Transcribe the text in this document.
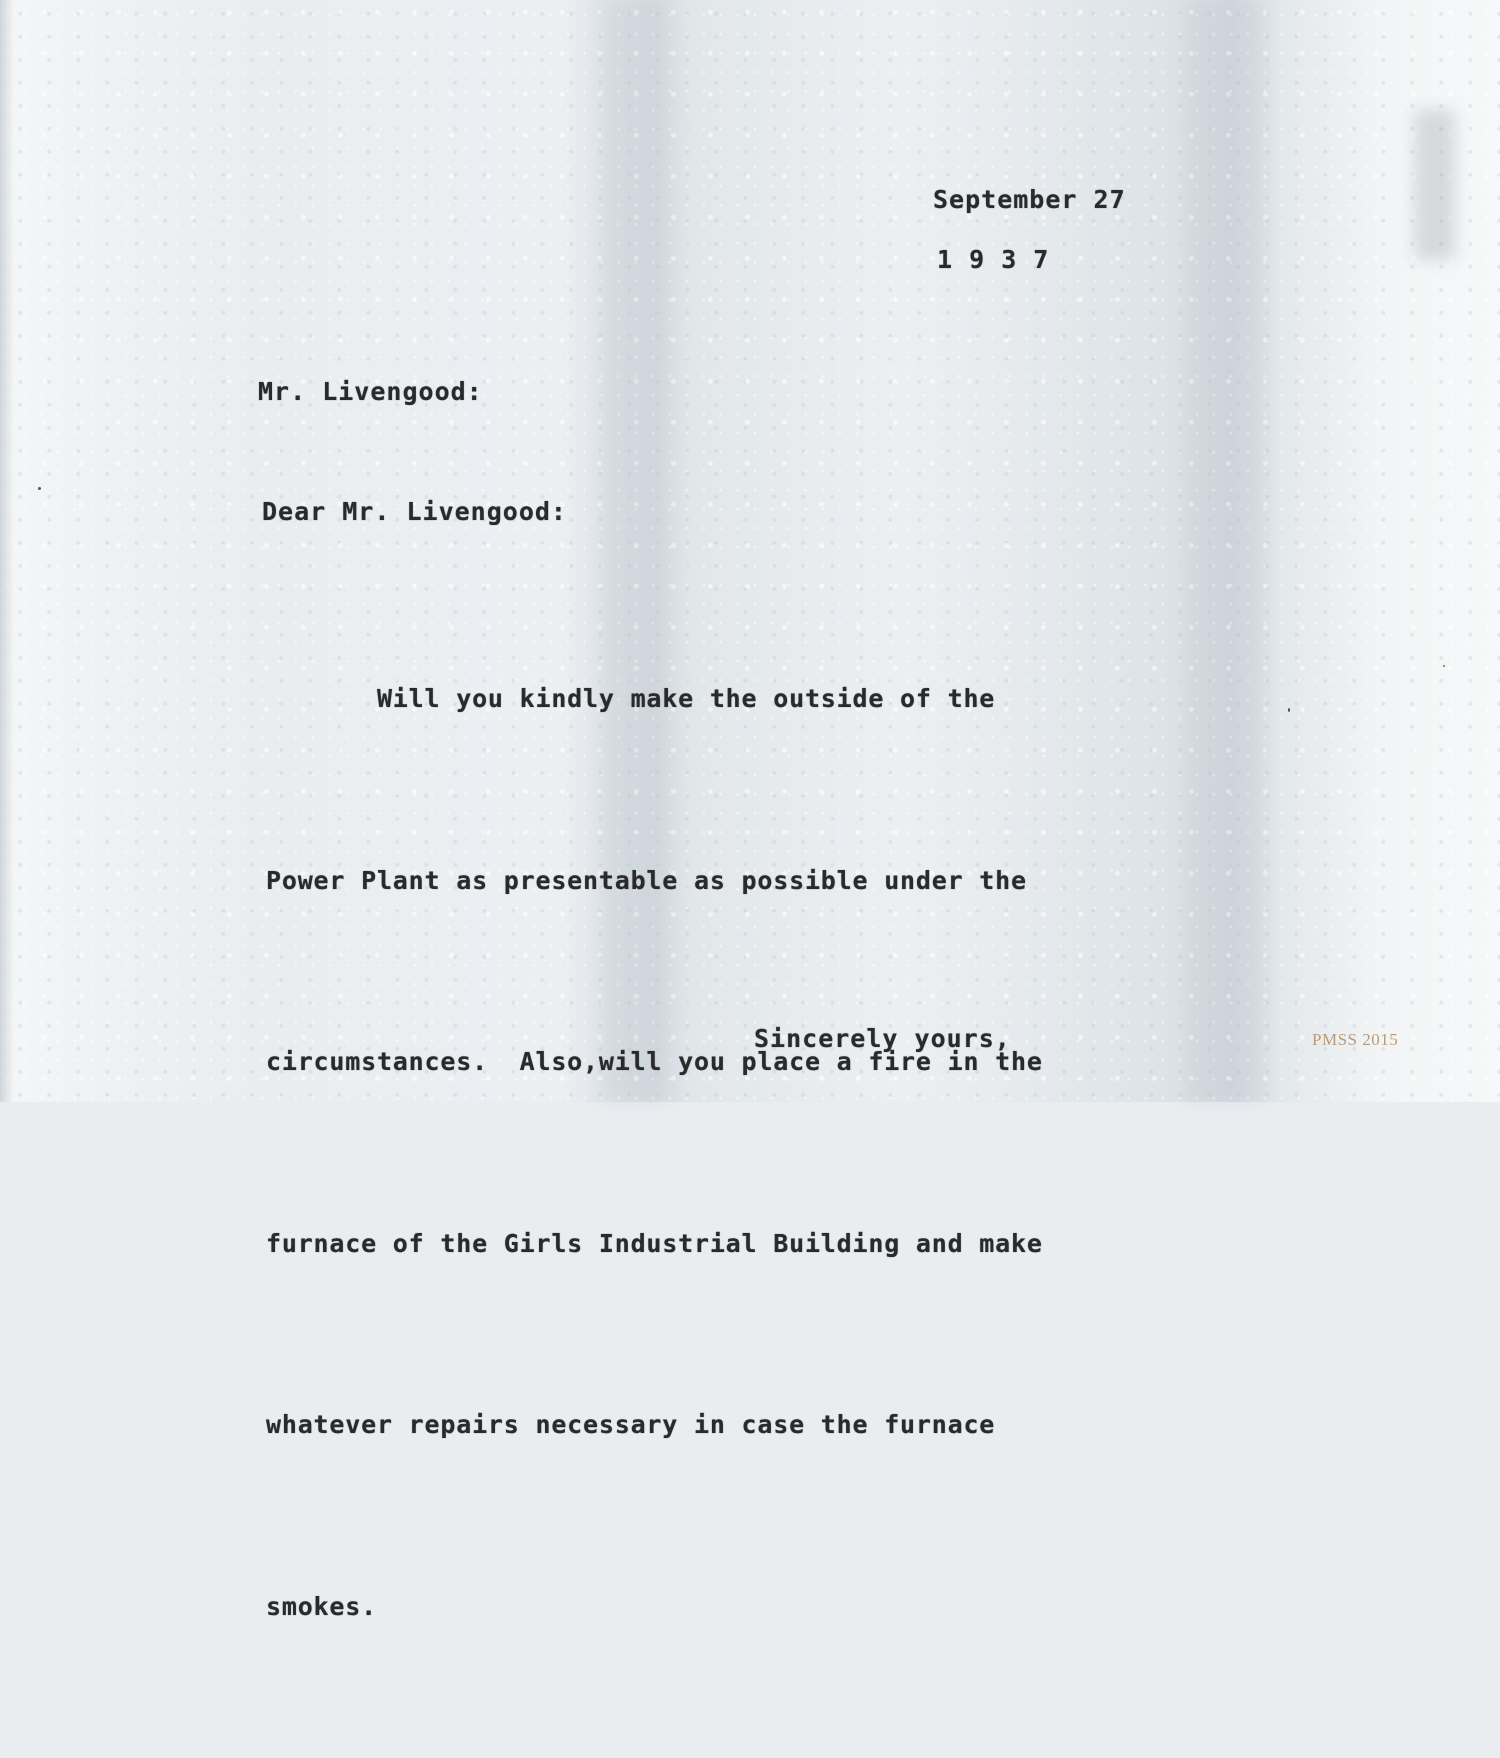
September 27
1 9 3 7
Mr. Livengood:
Dear Mr. Livengood:

Will you kindly make the outside of the

Power Plant as presentable as possible under the

circumstances.  Also,will you place a fire in the

furnace of the Girls Industrial Building and make

whatever repairs necessary in case the furnace

smokes.

Sincerely yours,	PMSS 2015
